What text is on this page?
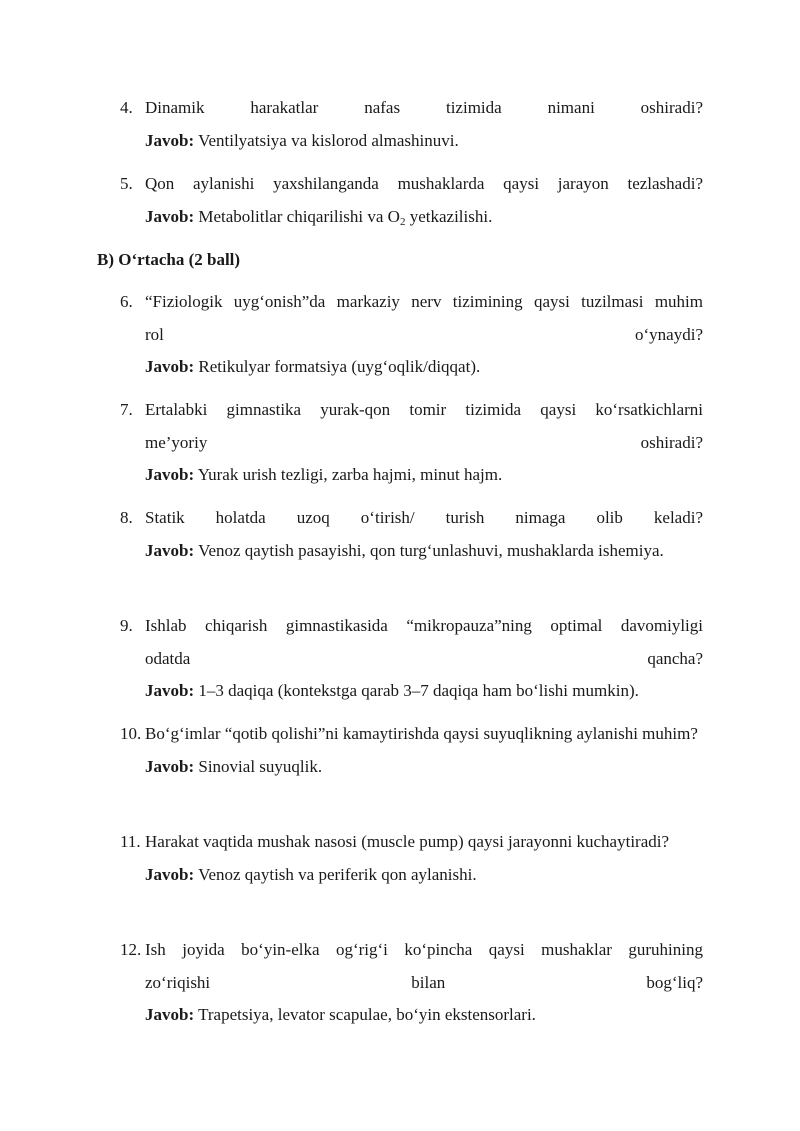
4. Dinamik harakatlar nafas tizimida nimani oshiradi?
Javob: Ventilyatsiya va kislorod almashinuvi.
5. Qon aylanishi yaxshilanganda mushaklarda qaysi jarayon tezlashadi?
Javob: Metabolitlar chiqarilishi va $O_2$ yetkazilishi.
B) O‘rtacha (2 ball)
6. “Fiziologik uyg‘onish”da markaziy nerv tizimining qaysi tuzilmasi muhim
rol o‘ynaydi?
Javob: Retikulyar formatsiya (uyg‘oqlik/diqqat).
7. Ertalabki gimnastika yurak-qon tomir tizimida qaysi ko‘rsatkichlarni
me’yoriy oshiradi?
Javob: Yurak urish tezligi, zarba hajmi, minut hajm.
8. Statik holatda uzoq o‘tirish/ turish nimaga olib keladi?
Javob: Venoz qaytish pasayishi, qon turg‘unlashuvi, mushaklarda ishemiya.
9. Ishlab chiqarish gimnastikasida “mikropauza”ning optimal davomiyligi
odatda qancha?
Javob: 1–3 daqiqa (kontekstga qarab 3–7 daqiqa ham bo‘lishi mumkin).
10. Bo‘g‘imlar “qotib qolishi”ni kamaytirishda qaysi suyuqlikning aylanishi muhim?
Javob: Sinovial suyuqlik.
11. Harakat vaqtida mushak nasosi (muscle pump) qaysi jarayonni kuchaytiradi?
Javob: Venoz qaytish va periferik qon aylanishi.
12. Ish joyida bo‘yin-elka og‘rig‘i ko‘pincha qaysi mushaklar guruhining
zo‘riqishi bilan bog‘liq?
Javob: Trapetsiya, levator scapulae, bo‘yin ekstensorlari.
